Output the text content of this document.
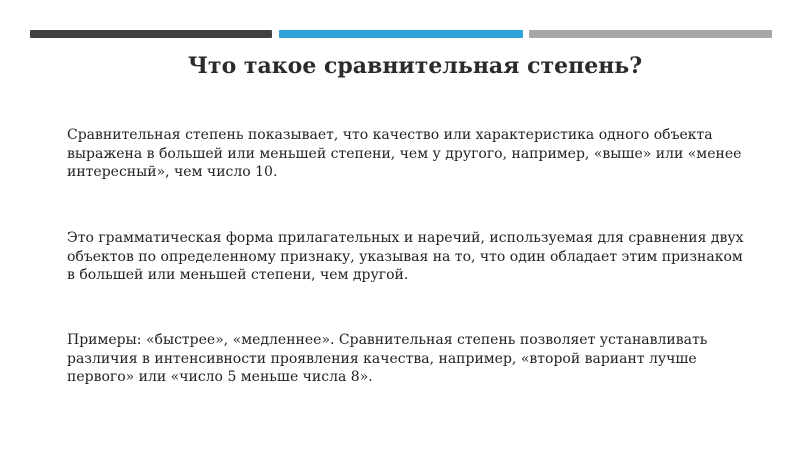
Что такое сравнительная степень?

Сравнительная степень показывает, что качество или характеристика одного объекта выражена в большей или меньшей степени, чем у другого, например, «выше» или «менее интересный», чем число 10.

Это грамматическая форма прилагательных и наречий, используемая для сравнения двух объектов по определенному признаку, указывая на то, что один обладает этим признаком в большей или меньшей степени, чем другой.

Примеры: «быстрее», «медленнее». Сравнительная степень позволяет устанавливать различия в интенсивности проявления качества, например, «второй вариант лучше первого» или «число 5 меньше числа 8».
